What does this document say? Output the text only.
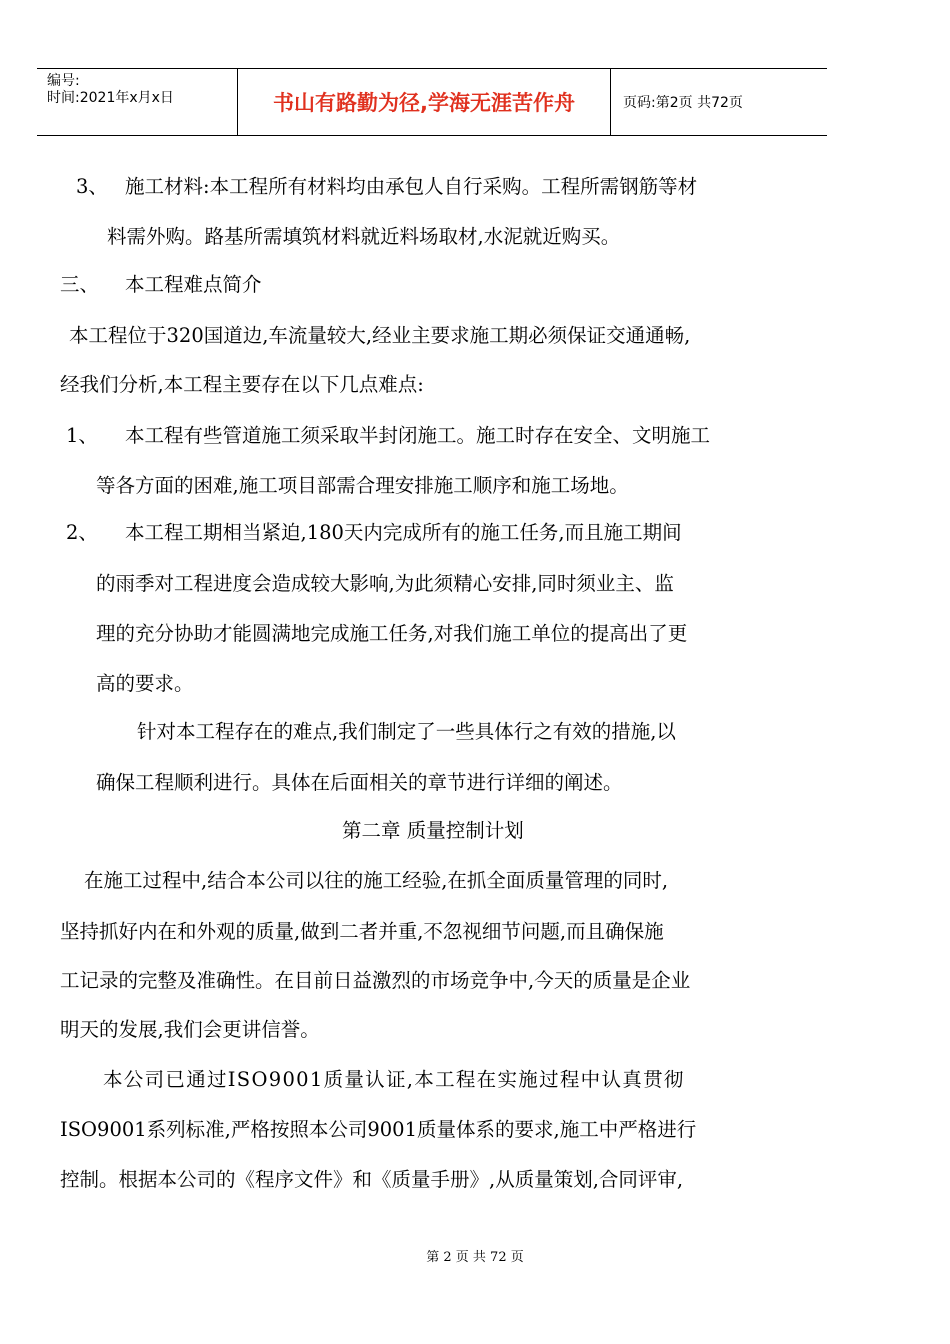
编号:
时间:2021年x月x日	书山有路勤为径,学海无涯苦作舟	页码:第2页 共72页
3、 施工材料:本工程所有材料均由承包人自行采购。工程所需钢筋等材
料需外购。路基所需填筑材料就近料场取材,水泥就近购买。
三、 本工程难点简介
本工程位于320国道边,车流量较大,经业主要求施工期必须保证交通通畅,
经我们分析,本工程主要存在以下几点难点:
1、 本工程有些管道施工须采取半封闭施工。施工时存在安全、文明施工
等各方面的困难,施工项目部需合理安排施工顺序和施工场地。
2、 本工程工期相当紧迫,180天内完成所有的施工任务,而且施工期间
的雨季对工程进度会造成较大影响,为此须精心安排,同时须业主、监
理的充分协助才能圆满地完成施工任务,对我们施工单位的提高出了更
高的要求。
针对本工程存在的难点,我们制定了一些具体行之有效的措施,以
确保工程顺利进行。具体在后面相关的章节进行详细的阐述。
第二章 质量控制计划
在施工过程中,结合本公司以往的施工经验,在抓全面质量管理的同时,
坚持抓好内在和外观的质量,做到二者并重,不忽视细节问题,而且确保施
工记录的完整及准确性。在目前日益激烈的市场竞争中,今天的质量是企业
明天的发展,我们会更讲信誉。
本公司已通过ISO9001质量认证,本工程在实施过程中认真贯彻
ISO9001系列标准,严格按照本公司9001质量体系的要求,施工中严格进行
控制。根据本公司的《程序文件》和《质量手册》,从质量策划,合同评审,
第 2 页 共 72 页
